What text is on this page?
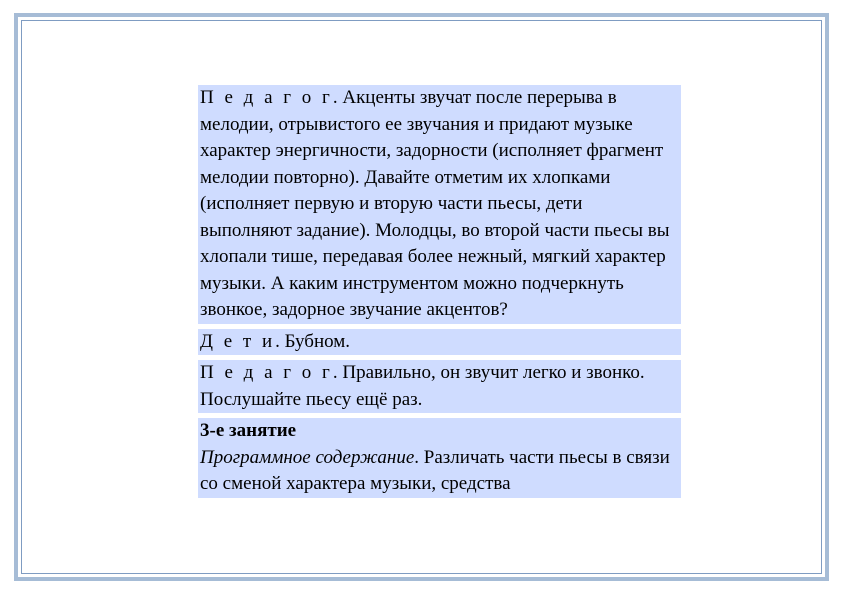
П е д а г о г. Акценты звучат после перерыва в мелодии, отрывистого ее звучания и придают музыке характер энергичности, задорности (исполняет фрагмент мелодии повторно). Давайте отметим их хлопками (исполняет первую и вторую части пьесы, дети выполняют задание). Молодцы, во второй части пьесы вы хлопали тише, передавая более нежный, мягкий характер музыки. А каким инструментом можно подчеркнуть звонкое, задорное звучание акцентов?

Д е т и. Бубном.

П е д а г о г. Правильно, он звучит легко и звонко. Послушайте пьесу ещё раз.

3-е занятие
Программное содержание. Различать части пьесы в связи со сменой характера музыки, средства
